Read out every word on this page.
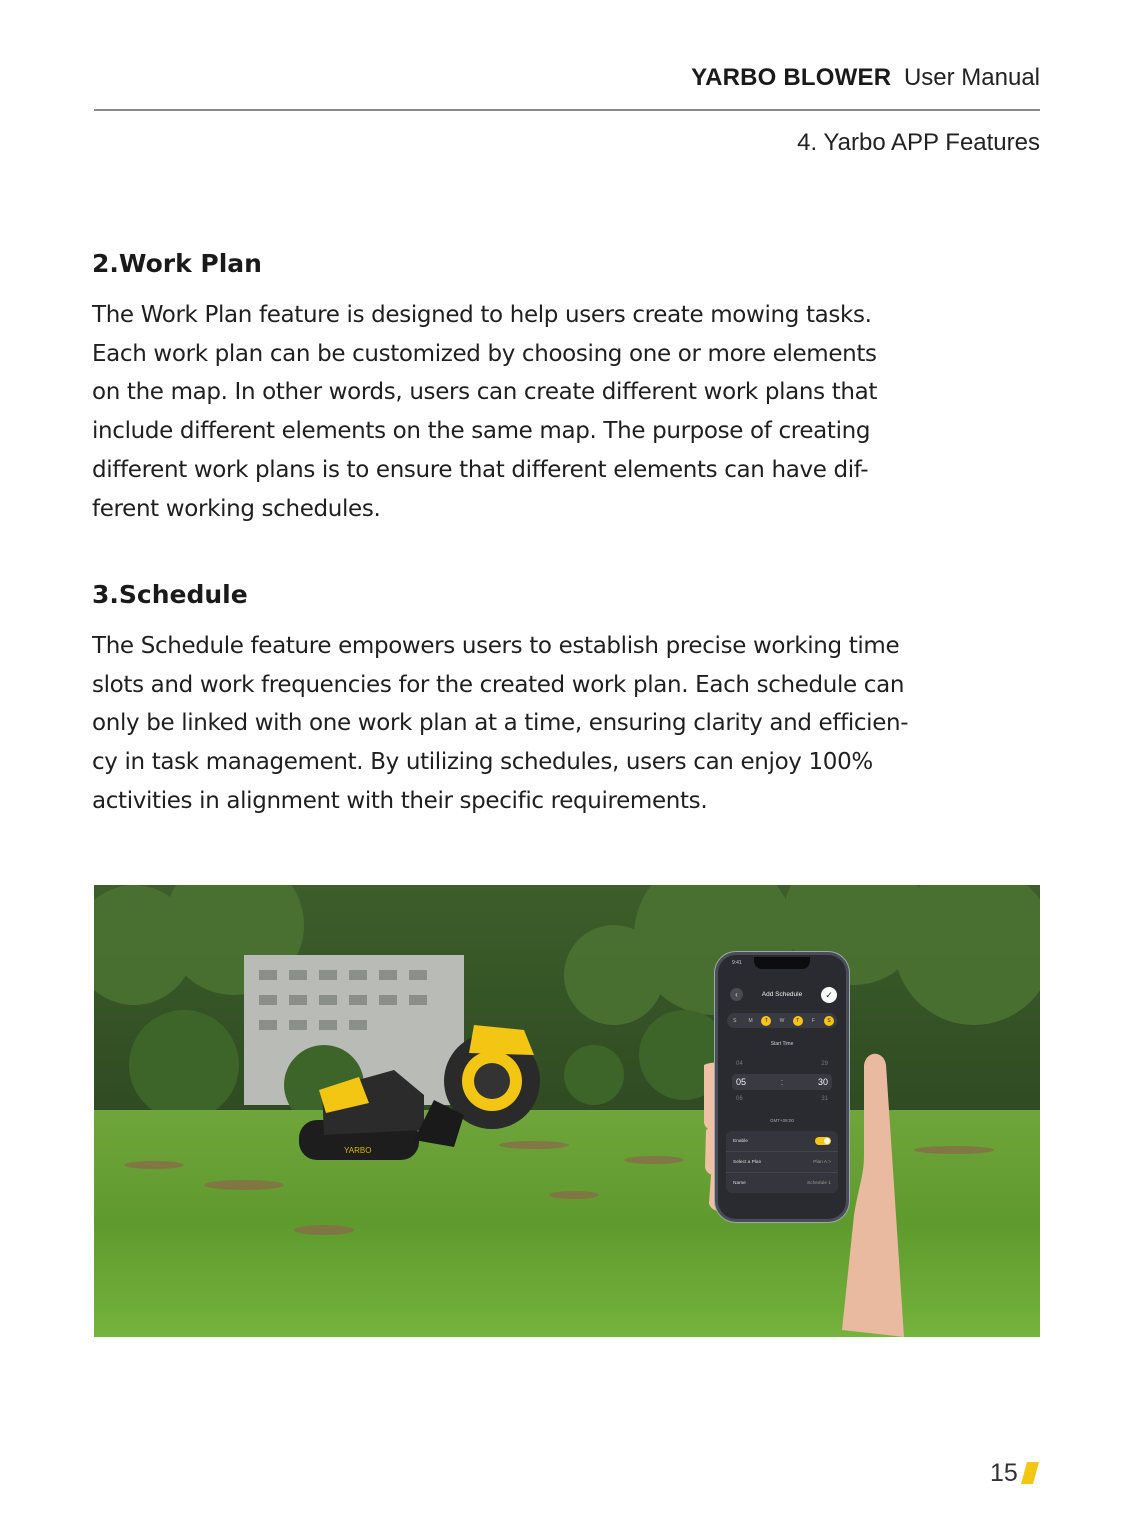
YARBO BLOWER User Manual
4. Yarbo APP Features
2.Work Plan

The Work Plan feature is designed to help users create mowing tasks.
Each work plan can be customized by choosing one or more elements
on the map. In other words, users can create different work plans that
include different elements on the same map. The purpose of creating
different work plans is to ensure that different elements can have dif-
ferent working schedules.

3.Schedule

The Schedule feature empowers users to establish precise working time
slots and work frequencies for the created work plan. Each schedule can
only be linked with one work plan at a time, ensuring clarity and efficien-
cy in task management. By utilizing schedules, users can enjoy 100%
activities in alignment with their specific requirements.

YARBO
9:41
‹	Add Schedule	✓
S	M	T	W	T	F	S
Start Time
04	29
05	:	30
06	31
GMT+08:00
Enable
Select a Plan	Plan A >
Name	Schedule 1
15
